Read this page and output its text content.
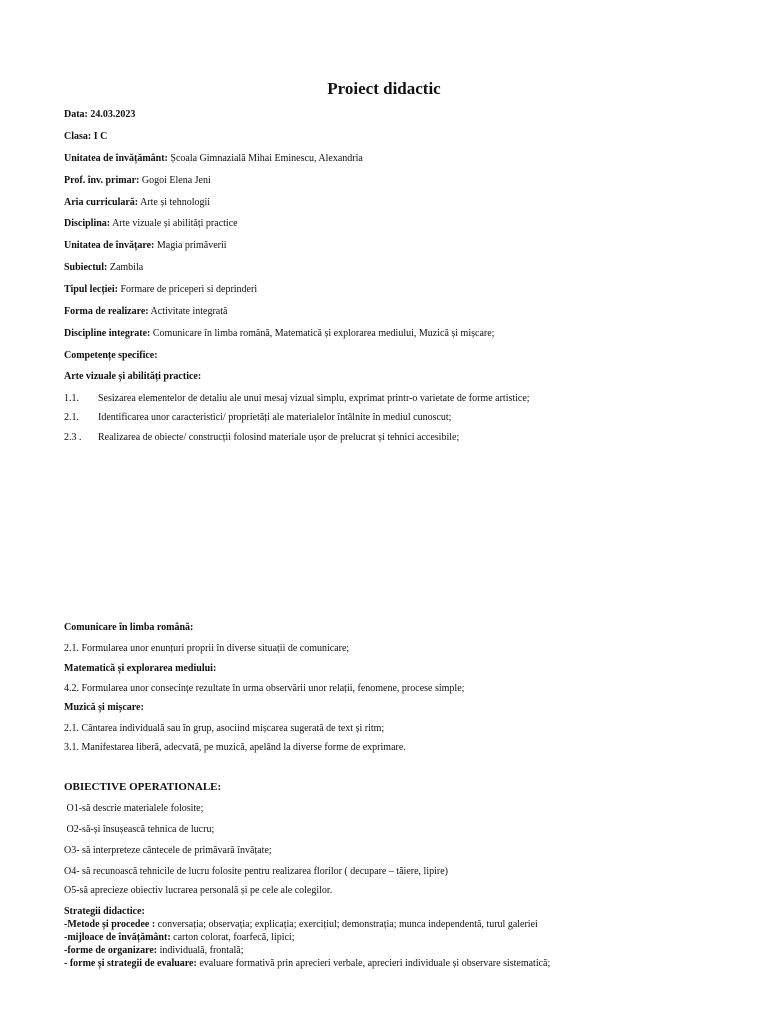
Proiect didactic
Data: 24.03.2023
Clasa: I C
Unitatea de învățământ: Școala Gimnazială Mihai Eminescu, Alexandria
Prof. înv. primar: Gogoi Elena Jeni
Aria curriculară: Arte și tehnologii
Disciplina: Arte vizuale și abilități practice
Unitatea de învățare: Magia primăverii
Subiectul: Zambila
Tipul lecției: Formare de priceperi si deprinderi
Forma de realizare: Activitate integrată
Discipline integrate: Comunicare în limba română, Matematică și explorarea mediului, Muzică și mișcare;
Competențe specifice:
Arte vizuale și abilități practice:
1.1. Sesizarea elementelor de detaliu ale unui mesaj vizual simplu, exprimat printr-o varietate de forme artistice;
2.1. Identificarea unor caracteristici/ proprietăți ale materialelor întâlnite în mediul cunoscut;
2.3 . Realizarea de obiecte/ construcții folosind materiale ușor de prelucrat și tehnici accesibile;
Comunicare în limba română:
2.1. Formularea unor enunțuri proprii în diverse situații de comunicare;
Matematică și explorarea mediului:
4.2. Formularea unor consecințe rezultate în urma observării unor relații, fenomene, procese simple;
Muzică și mișcare:
2.1. Cântarea individuală sau în grup, asociind mișcarea sugerată de text și ritm;
3.1. Manifestarea liberă, adecvată, pe muzică, apelând la diverse forme de exprimare.
OBIECTIVE OPERATIONALE:
O1-să descrie materialele folosite;
O2-să-și însușească tehnica de lucru;
O3- să interpreteze cântecele de primăvară învățate;
O4- să recunoască tehnicile de lucru folosite pentru realizarea florilor ( decupare – tăiere, lipire)
O5-să aprecieze obiectiv lucrarea personală și pe cele ale colegilor.
Strategii didactice:
-Metode și procedee : conversația; observația; explicația; exercițiul; demonstrația; munca independentă, turul galeriei
-mijloace de învățământ: carton colorat, foarfecă, lipici;
-forme de organizare: individuală, frontală;
- forme și strategii de evaluare: evaluare formativă prin aprecieri verbale, aprecieri individuale și observare sistematică;
